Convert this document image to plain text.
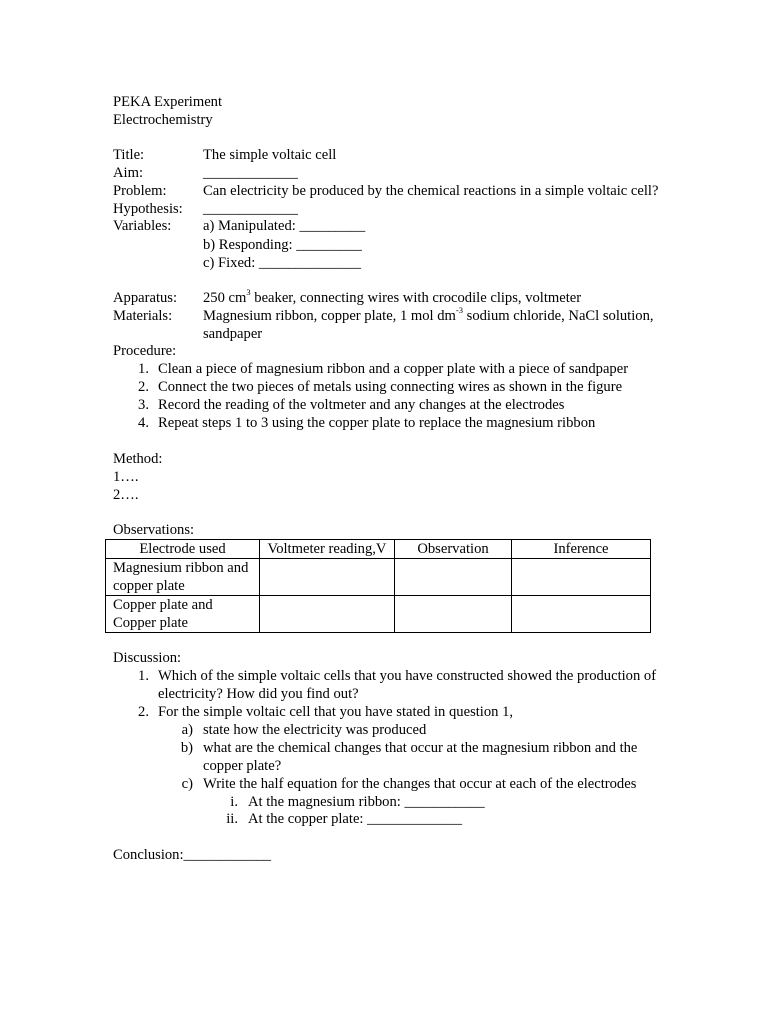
PEKA Experiment
Electrochemistry
Title:	The simple voltaic cell
Aim:	_____________
Problem: Can electricity be produced by the chemical reactions in a simple voltaic cell?
Hypothesis: _____________
Variables: a) Manipulated: _________
b) Responding: _________
c) Fixed: ______________
Apparatus: 250 $cm^3$ beaker, connecting wires with crocodile clips, voltmeter
Materials: Magnesium ribbon, copper plate, 1 mol $dm^{-3}$ sodium chloride, NaCl solution,
sandpaper
Procedure:
1. Clean a piece of magnesium ribbon and a copper plate with a piece of sandpaper
2. Connect the two pieces of metals using connecting wires as shown in the figure
3. Record the reading of the voltmeter and any changes at the electrodes
4. Repeat steps 1 to 3 using the copper plate to replace the magnesium ribbon
Method:
1….
2….
Observations:
Electrode used	Voltmeter reading,V	Observation	Inference

Magnesium ribbon and
copper plate			

Copper plate and
Copper plate			

Discussion:
1. Which of the simple voltaic cells that you have constructed showed the production of
electricity? How did you find out?
2. For the simple voltaic cell that you have stated in question 1,
a) state how the electricity was produced
b) what are the chemical changes that occur at the magnesium ribbon and the
copper plate?
c) Write the half equation for the changes that occur at each of the electrodes
i. At the magnesium ribbon: ___________
ii. At the copper plate: _____________
Conclusion:____________
